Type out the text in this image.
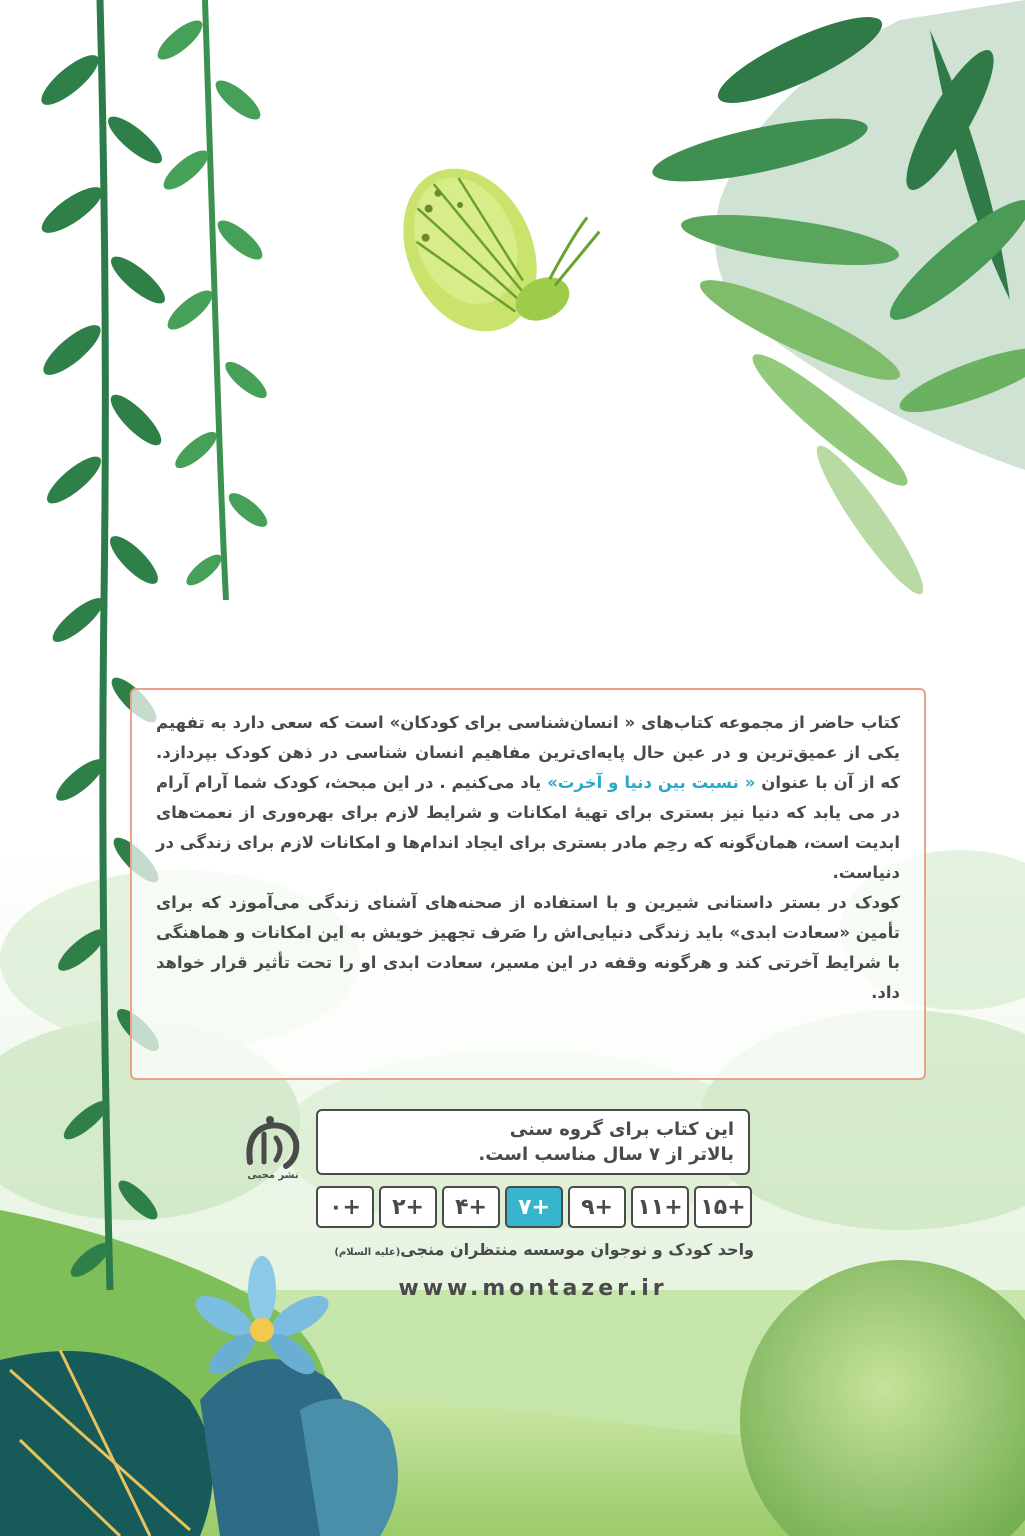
کتاب حاضر از مجموعه کتاب‌های « انسان‌شناسی برای کودکان» است که سعی دارد به تفهیم یکی از عمیق‌ترین و در عین حال پایه‌ای‌ترین مفاهیم انسان شناسی در ذهن کودک بپردازد. که از آن با عنوان « نسبت بین دنیا و آخرت» یاد می‌کنیم . در این مبحث، کودک شما آرام آرام در می یابد که دنیا نیز بستری برای تهیهٔ امکانات و شرایط لازم برای بهره‌وری از نعمت‌های ابدیت است، همان‌گونه که رحِم مادر بستری برای ایجاد اندام‌ها و امکانات لازم برای زندگی در دنیاست.

کودک در بستر داستانی شیرین و با استفاده از صحنه‌های آشنای زندگی می‌آموزد که برای تأمین «سعادت ابدی» باید زندگی دنیایی‌اش را صَرف تجهیز خویش به این امکانات و هماهنگی با شرایط آخرتی کند و هرگونه وقفه در این مسیر، سعادت ابدی او را تحت تأثیر قرار خواهد داد.

نشر محبی
این کتاب برای گروه سنی
بالاتر از ۷ سال مناسب است.
+۱۵
+۱۱
+۹
+۷
+۴
+۲
+۰
واحد کودک و نوجوان موسسه منتظران منجی(علیه السلام)
www.montazer.ir
